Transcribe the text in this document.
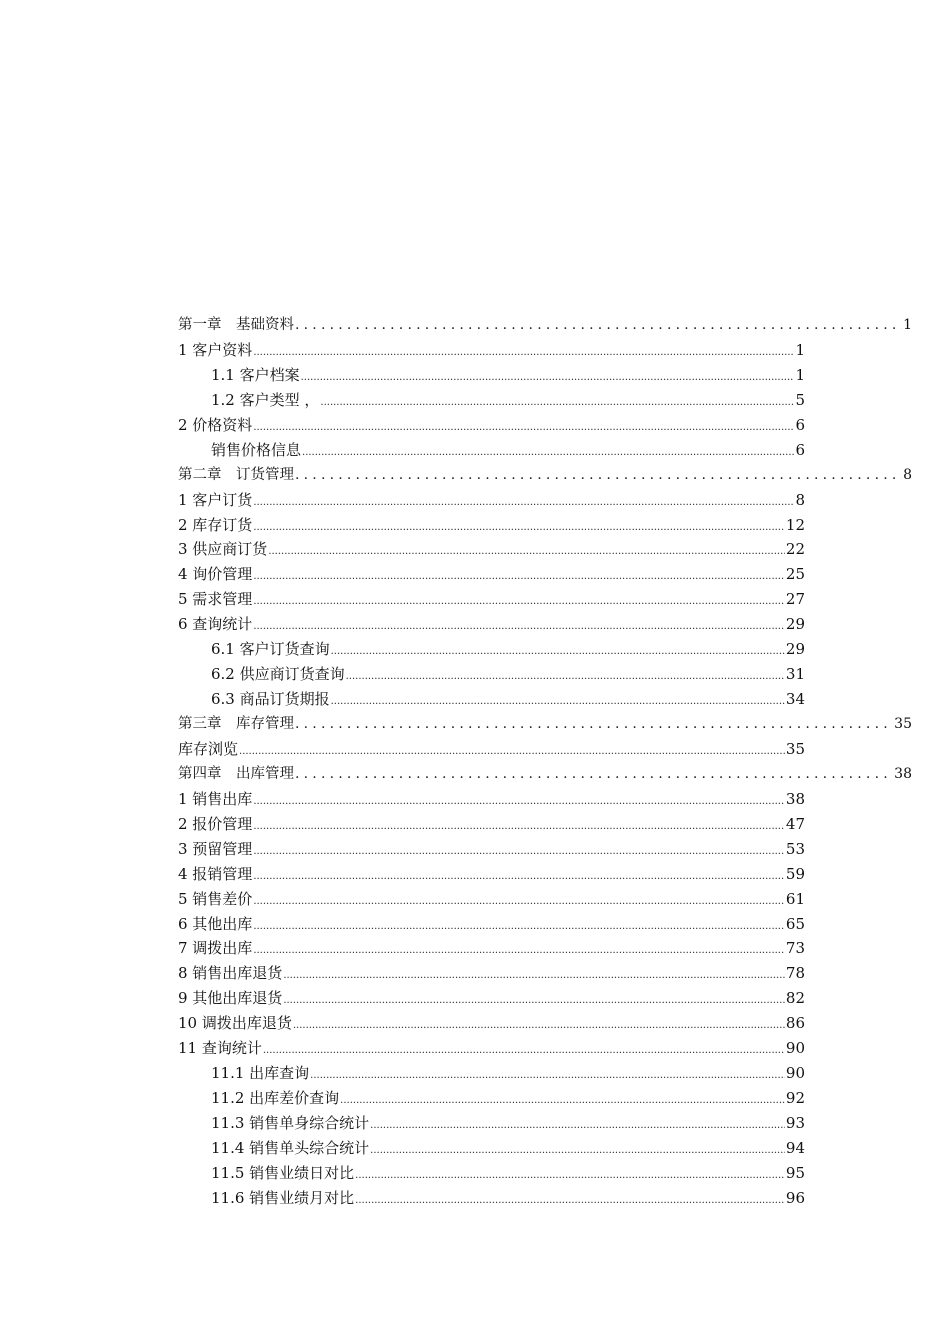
第一章　基础资料 .....	1
1 客户资料 .....	1
1.1 客户档案 .....	1
1.2 客户类型 ， .....	5
2 价格资料 .....	6
销售价格信息 .....	6
第二章　订货管理 .....	8
1 客户订货 .....	8
2 库存订货 .....	12
3 供应商订货 .....	22
4 询价管理 .....	25
5 需求管理 .....	27
6 查询统计 .....	29
6.1 客户订货查询 .....	29
6.2 供应商订货查询 .....	31
6.3 商品订货期报 .....	34
第三章　库存管理 .....	35
库存浏览 .....	35
第四章　出库管理 .....	38
1 销售出库 .....	38
2 报价管理 .....	47
3 预留管理 .....	53
4 报销管理 .....	59
5 销售差价 .....	61
6 其他出库 .....	65
7 调拨出库 .....	73
8 销售出库退货 .....	78
9 其他出库退货 .....	82
10 调拨出库退货 .....	86
11 查询统计 .....	90
11.1 出库查询 .....	90
11.2 出库差价查询 .....	92
11.3 销售单身综合统计 .....	93
11.4 销售单头综合统计 .....	94
11.5 销售业绩日对比 .....	95
11.6 销售业绩月对比 .....	96
